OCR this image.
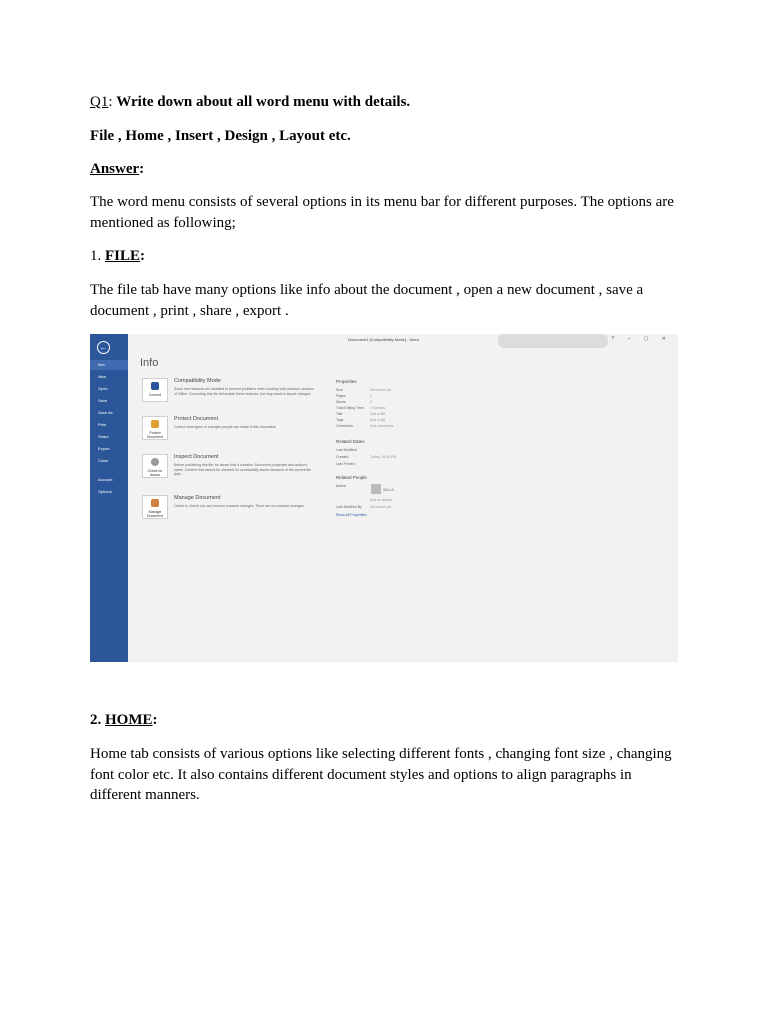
Q1: Write down about all word menu with details.

File , Home , Insert , Design , Layout etc.

Answer:

The word menu consists of several options in its menu bar for different purposes. The options are mentioned as following;

1. FILE:

The file tab have many options like info about the document , open a new document , save a document , print , share , export .

2. HOME:

Home tab consists of various options like selecting different fonts , changing font size , changing font color etc. It also contains different document styles and options to align paragraphs in different manners.

←
Info
New
Open
Save
Save As
Print
Share
Export
Close
Account
Options
Document1 [Compatibility Mode] - Word	? – ▢ ✕
Info
Convert
Compatibility Mode
Some new features are disabled to prevent problems when working with previous versions of Office. Converting this file will enable these features, but may result in layout changes.
Protect Document
Protect Document
Control what types of changes people can make to this document.
Check for Issues
Inspect Document
Before publishing this file, be aware that it contains: Document properties and author's name. Content that cannot be checked for accessibility issues because of the current file type.
Manage Document
Manage Document
Check in, check out, and recover unsaved changes. There are no unsaved changes.
Properties
Size	Not saved yet
Pages	1
Words	0
Total Editing Time 0 Minutes
Title	Add a title
Tags	Add a tag
Comments	Add comments
Related Dates
Last Modified
Created	Today, 10:40 PM
Last Printed
Related People
Author
SALI A
Add an author
Last Modified By Not saved yet
Show All Properties
